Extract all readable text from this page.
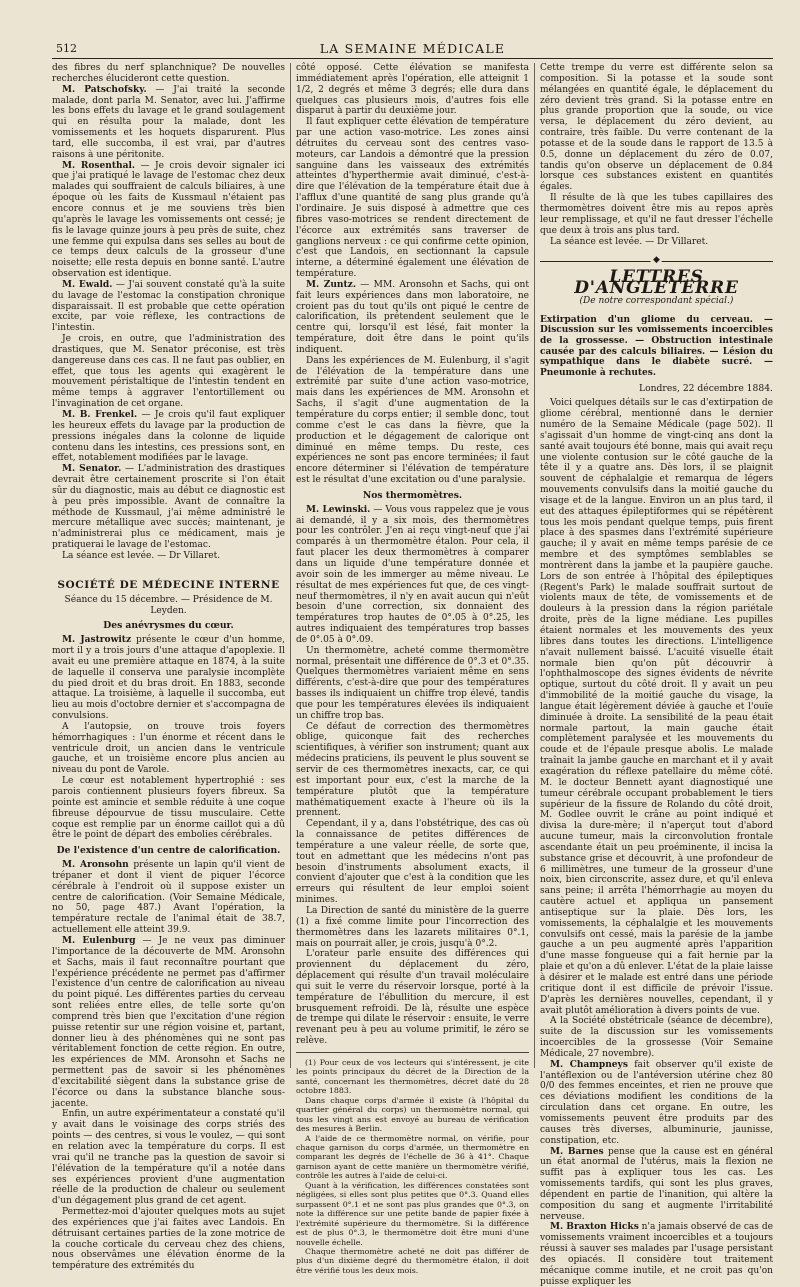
512	LA SEMAINE MÉDICALE

des fibres du nerf splanchnique? De nouvelles recherches élucideront cette question.

M. Patschofsky. — J'ai traité la seconde malade, dont parla M. Senator, avec lui. J'affirme les bons effets du lavage et le grand soulagement qui en résulta pour la malade, dont les vomissements et les hoquets disparurent. Plus tard, elle succomba, il est vrai, par d'autres raisons à une péritonite.

M. Rosenthal. — Je crois devoir signaler ici que j'ai pratiqué le lavage de l'estomac chez deux malades qui souffraient de calculs biliaires, à une époque où les faits de Kussmaul n'étaient pas encore connus et je me souviens très bien qu'après le lavage les vomissements ont cessé; je fis le lavage quinze jours à peu près de suite, chez une femme qui expulsa dans ses selles au bout de ce temps deux calculs de la grosseur d'une noisette; elle resta depuis en bonne santé. L'autre observation est identique.

M. Ewald. — J'ai souvent constaté qu'à la suite du lavage de l'estomac la constipation chronique disparaissait. Il est probable que cette opération excite, par voie réflexe, les contractions de l'intestin.

Je crois, en outre, que l'administration des drastiques, que M. Senator préconise, est très dangereuse dans ces cas. Il ne faut pas oublier, en effet, que tous les agents qui exagèrent le mouvement péristaltique de l'intestin tendent en même temps à aggraver l'entortillement ou l'invagination de cet organe.

M. B. Frenkel. — Je crois qu'il faut expliquer les heureux effets du lavage par la production de pressions inégales dans la colonne de liquide contenu dans les intestins, ces pressions sont, en effet, notablement modifiées par le lavage.

M. Senator. — L'administration des drastiques devrait être certainement proscrite si l'on était sûr du diagnostic, mais au début ce diagnostic est à peu près impossible. Avant de connaître la méthode de Kussmaul, j'ai même administré le mercure métallique avec succès; maintenant, je n'administrerai plus ce médicament, mais je pratiquerai le lavage de l'estomac.

La séance est levée. — Dr Villaret.

SOCIÉTÉ DE MÉDECINE INTERNE

Séance du 15 décembre. — Présidence de M. Leyden.

Des anévrysmes du cœur.

M. Jastrowitz présente le cœur d'un homme, mort il y a trois jours d'une attaque d'apoplexie. Il avait eu une première attaque en 1874, à la suite de laquelle il conserva une paralysie incomplète du pied droit et du bras droit. En 1883, seconde attaque. La troisième, à laquelle il succomba, eut lieu au mois d'octobre dernier et s'accompagna de convulsions.

A l'autopsie, on trouve trois foyers hémorrhagiques : l'un énorme et récent dans le ventricule droit, un ancien dans le ventricule gauche, et un troisième encore plus ancien au niveau du pont de Varole.

Le cœur est notablement hypertrophié : ses parois contiennent plusieurs foyers fibreux. Sa pointe est amincie et semble réduite à une coque fibreuse dépourvue de tissu musculaire. Cette coque est remplie par un énorme caillot qui a dû être le point de départ des embolies cérébrales.

De l'existence d'un centre de calorification.

M. Aronsohn présente un lapin qu'il vient de trépaner et dont il vient de piquer l'écorce cérébrale à l'endroit où il suppose exister un centre de calorification. (Voir Semaine Médicale, no 50, page 487.) Avant l'opération, la température rectale de l'animal était de 38.7, actuellement elle atteint 39.9.

M. Eulenburg — Je ne veux pas diminuer l'importance de la découverte de MM. Aronsohn et Sachs, mais il faut reconnaître pourtant que l'expérience précédente ne permet pas d'affirmer l'existence d'un centre de calorification au niveau du point piqué. Les différentes parties du cerveau sont reliées entre elles, de telle sorte qu'on comprend très bien que l'excitation d'une région puisse retentir sur une région voisine et, partant, donner lieu à des phénomènes qui ne sont pas véritablement fonction de cette région. En outre, les expériences de MM. Aronsohn et Sachs ne permettent pas de savoir si les phénomènes d'excitabilité siègent dans la substance grise de l'écorce ou dans la substance blanche sous-jacente.

Enfin, un autre expérimentateur a constaté qu'il y avait dans le voisinage des corps striés des points — des centres, si vous le voulez, — qui sont en relation avec la température du corps. Il est vrai qu'il ne tranche pas la question de savoir si l'élévation de la température qu'il a notée dans ses expériences provient d'une augmentation réelle de la production de chaleur ou seulement d'un dégagement plus grand de cet agent.

Permettez-moi d'ajouter quelques mots au sujet des expériences que j'ai faites avec Landois. En détruisant certaines parties de la zone motrice de la couche corticale du cerveau chez des chiens, nous observâmes une élévation énorme de la température des extrémités du

côté opposé. Cette élévation se manifesta immédiatement après l'opération, elle atteignit 1 1/2, 2 degrés et même 3 degrés; elle dura dans quelques cas plusieurs mois, d'autres fois elle disparut à partir du deuxième jour.

Il faut expliquer cette élévation de température par une action vaso-motrice. Les zones ainsi détruites du cerveau sont des centres vaso-moteurs, car Landois a démontré que la pression sanguine dans les vaisseaux des extrémités atteintes d'hyperthermie avait diminué, c'est-à-dire que l'élévation de la température était due à l'afflux d'une quantité de sang plus grande qu'à l'ordinaire. Je suis disposé à admettre que ces fibres vaso-motrices se rendent directement de l'écorce aux extrémités sans traverser de ganglions nerveux : ce qui confirme cette opinion, c'est que Landois, en sectionnant la capsule interne, a déterminé également une élévation de température.

M. Zuntz. — MM. Aronsohn et Sachs, qui ont fait leurs expériences dans mon laboratoire, ne croient pas du tout qu'ils ont piqué le centre de calorification, ils prétendent seulement que le centre qui, lorsqu'il est lésé, fait monter la température, doit être dans le point qu'ils indiquent.

Dans les expériences de M. Eulenburg, il s'agit de l'élévation de la température dans une extrémité par suite d'une action vaso-motrice, mais dans les expériences de MM. Aronsohn et Sachs, il s'agit d'une augmentation de la température du corps entier; il semble donc, tout comme c'est le cas dans la fièvre, que la production et le dégagement de calorique ont diminué en même temps. Du reste, ces expériences ne sont pas encore terminées; il faut encore déterminer si l'élévation de température est le résultat d'une excitation ou d'une paralysie.

Nos thermomètres.

M. Lewinski. — Vous vous rappelez que je vous ai demandé, il y a six mois, des thermomètres pour les contrôler. J'en ai reçu vingt-neuf que j'ai comparés à un thermomètre étalon. Pour cela, il faut placer les deux thermomètres à comparer dans un liquide d'une température donnée et avoir soin de les immerger au même niveau. Le résultat de mes expériences fut que, de ces vingt-neuf thermomètres, il n'y en avait aucun qui n'eût besoin d'une correction, six donnaient des températures trop hautes de 0°.05 à 0°.25, les autres indiquaient des températures trop basses de 0°.05 à 0°.09.

Un thermomètre, acheté comme thermomètre normal, présentait une différence de 0°.3 et 0°.35. Quelques thermomètres variaient même en sens différents, c'est-à-dire que pour des températures basses ils indiquaient un chiffre trop élevé, tandis que pour les températures élevées ils indiquaient un chiffre trop bas.

Ce défaut de correction des thermomètres oblige, quiconque fait des recherches scientifiques, à vérifier son instrument; quant aux médecins praticiens, ils peuvent le plus souvent se servir de ces thermomètres inexacts, car, ce qui est important pour eux, c'est la marche de la température plutôt que la température mathématiquement exacte à l'heure où ils la prennent.

Cependant, il y a, dans l'obstétrique, des cas où la connaissance de petites différences de température a une valeur réelle, de sorte que, tout en admettant que les médecins n'ont pas besoin d'instruments absolument exacts, il convient d'ajouter que c'est à la condition que les erreurs qui résultent de leur emploi soient minimes.

La Direction de santé du ministère de la guerre (1) a fixé comme limite pour l'incorrection des thermomètres dans les lazarets militaires 0°.1, mais on pourrait aller, je crois, jusqu'à 0°.2.

L'orateur parle ensuite des différences qui proviennent du déplacement du zéro, déplacement qui résulte d'un travail moléculaire qui suit le verre du réservoir lorsque, porté à la température de l'ébullition du mercure, il est brusquement refroidi. De là, résulte une espèce de trempe qui dilate le réservoir : ensuite, le verre revenant peu à peu au volume primitif, le zéro se relève.

(1) Pour ceux de vos lecteurs qui s'intéressent, je cite les points principaux du décret de la Direction de la santé, concernant les thermomètres, décret daté du 28 octobre 1883.

Dans chaque corps d'armée il existe (à l'hôpital du quartier général du corps) un thermomètre normal, qui tous les vingt ans est envoyé au bureau de vérification des mesures à Berlin.

A l'aide de ce thermomètre normal, on vérifie, pour chaque garnison du corps d'armée, un thermomètre en comparant les degrés de l'échelle de 36 à 41°. Chaque garnison ayant de cette manière un thermomètre vérifié, contrôle les autres à l'aide de celui-ci.

Quant à la vérification, les différences constatées sont négligées, si elles sont plus petites que 0°.3. Quand elles surpassent 0°.1 et ne sont pas plus grandes que 0°.3, on note la différence sur une petite bande de papier fixée à l'extrémité supérieure du thermomètre. Si la différence est de plus 0°.3, le thermomètre doit être muni d'une nouvelle échelle.

Chaque thermomètre acheté ne doit pas différer de plus d'un dixième degré du thermomètre étalon, il doit être vérifié tous les deux mois.

Cette trempe du verre est différente selon sa composition. Si la potasse et la soude sont mélangées en quantité égale, le déplacement du zéro devient très grand. Si la potasse entre en plus grande proportion que la soude, ou vice versa, le déplacement du zéro devient, au contraire, très faible. Du verre contenant de la potasse et de la soude dans le rapport de 13.5 à 0.5, donne un déplacement du zéro de 0.07, tandis qu'on observe un déplacement de 0.84 lorsque ces substances existent en quantités égales.

Il résulte de là que les tubes capillaires des thermomètres doivent être mis au repos après leur remplissage, et qu'il ne faut dresser l'échelle que deux à trois ans plus tard.

La séance est levée. — Dr Villaret.

◆
LETTRES D'ANGLETERRE
(De notre correspondant spécial.)
Extirpation d'un gliome du cerveau. — Discussion sur les vomissements incoercibles de la grossesse. — Obstruction intestinale causée par des calculs biliaires. — Lésion du sympathique dans le diabète sucré. — Pneumonie à rechutes.
Londres, 22 décembre 1884.

Voici quelques détails sur le cas d'extirpation de gliome cérébral, mentionné dans le dernier numéro de la Semaine Médicale (page 502). Il s'agissait d'un homme de vingt-cinq ans dont la santé avait toujours été bonne, mais qui avait reçu une violente contusion sur le côté gauche de la tête il y a quatre ans. Dès lors, il se plaignit souvent de céphalalgie et remarqua de légers mouvements convulsifs dans la moitié gauche du visage et de la langue. Environ un an plus tard, il eut des attaques épileptiformes qui se répétèrent tous les mois pendant quelque temps, puis firent place à des spasmes dans l'extrémité supérieure gauche; il y avait en même temps parésie de ce membre et des symptômes semblables se montrèrent dans la jambe et la paupière gauche. Lors de son entrée à l'hôpital des épileptiques (Regent's Park) le malade souffrait surtout de violents maux de tête, de vomissements et de douleurs à la pression dans la région pariétale droite, près de la ligne médiane. Les pupilles étaient normales et les mouvements des yeux libres dans toutes les directions. L'intelligence n'avait nullement baissé. L'acuité visuelle était normale bien qu'on pût découvrir à l'ophthalmoscope des signes évidents de névrite optique, surtout du côté droit. Il y avait un peu d'immobilité de la moitié gauche du visage, la langue était légèrement déviée à gauche et l'ouïe diminuée à droite. La sensibilité de la peau était normale partout, la main gauche était complètement paralysée et les mouvements du coude et de l'épaule presque abolis. Le malade traînait la jambe gauche en marchant et il y avait exagération du réflexe patellaire du même côté. M. le docteur Bennett ayant diagnostiqué une tumeur cérébrale occupant probablement le tiers supérieur de la fissure de Rolando du côté droit, M. Godlee ouvrit le crâne au point indiqué et divisa la dure-mère; il n'aperçut tout d'abord aucune tumeur, mais la circonvolution frontale ascendante était un peu proéminente, il incisa la substance grise et découvrit, à une profondeur de 6 millimètres, une tumeur de la grosseur d'une noix, bien circonscrite, assez dure, et qu'il enleva sans peine; il arrêta l'hémorrhagie au moyen du cautère actuel et appliqua un pansement antiseptique sur la plaie. Dès lors, les vomissements, la céphalalgie et les mouvements convulsifs ont cessé, mais la parésie de la jambe gauche a un peu augmenté après l'apparition d'une masse fongueuse qui a fait hernie par la plaie et qu'on a dû enlever. L'état de la plaie laisse à désirer et le malade est entré dans une période critique dont il est difficile de prévoir l'issue. D'après les dernières nouvelles, cependant, il y avait plutôt amélioration à divers points de vue.

A la Société obstétricale (séance de décembre), suite de la discussion sur les vomissements incoercibles de la grossesse (Voir Semaine Médicale, 27 novembre).

M. Champneys fait observer qu'il existe de l'antéflexion ou de l'antéversion utérine chez 80 0/0 des femmes enceintes, et rien ne prouve que ces déviations modifient les conditions de la circulation dans cet organe. En outre, les vomissements peuvent être produits par des causes très diverses, albuminurie, jaunisse, constipation, etc.

M. Barnes pense que la cause est en général un état anormal de l'utérus, mais la flexion ne suffit pas à expliquer tous les cas. Les vomissements tardifs, qui sont les plus graves, dépendent en partie de l'inanition, qui altère la composition du sang et augmente l'irritabilité nerveuse.

M. Braxton Hicks n'a jamais observé de cas de vomissements vraiment incoercibles et a toujours réussi à sauver ses malades par l'usage persistant des opiacés. Il considère tout traitement mécanique comme inutile, et ne croit pas qu'on puisse expliquer les
